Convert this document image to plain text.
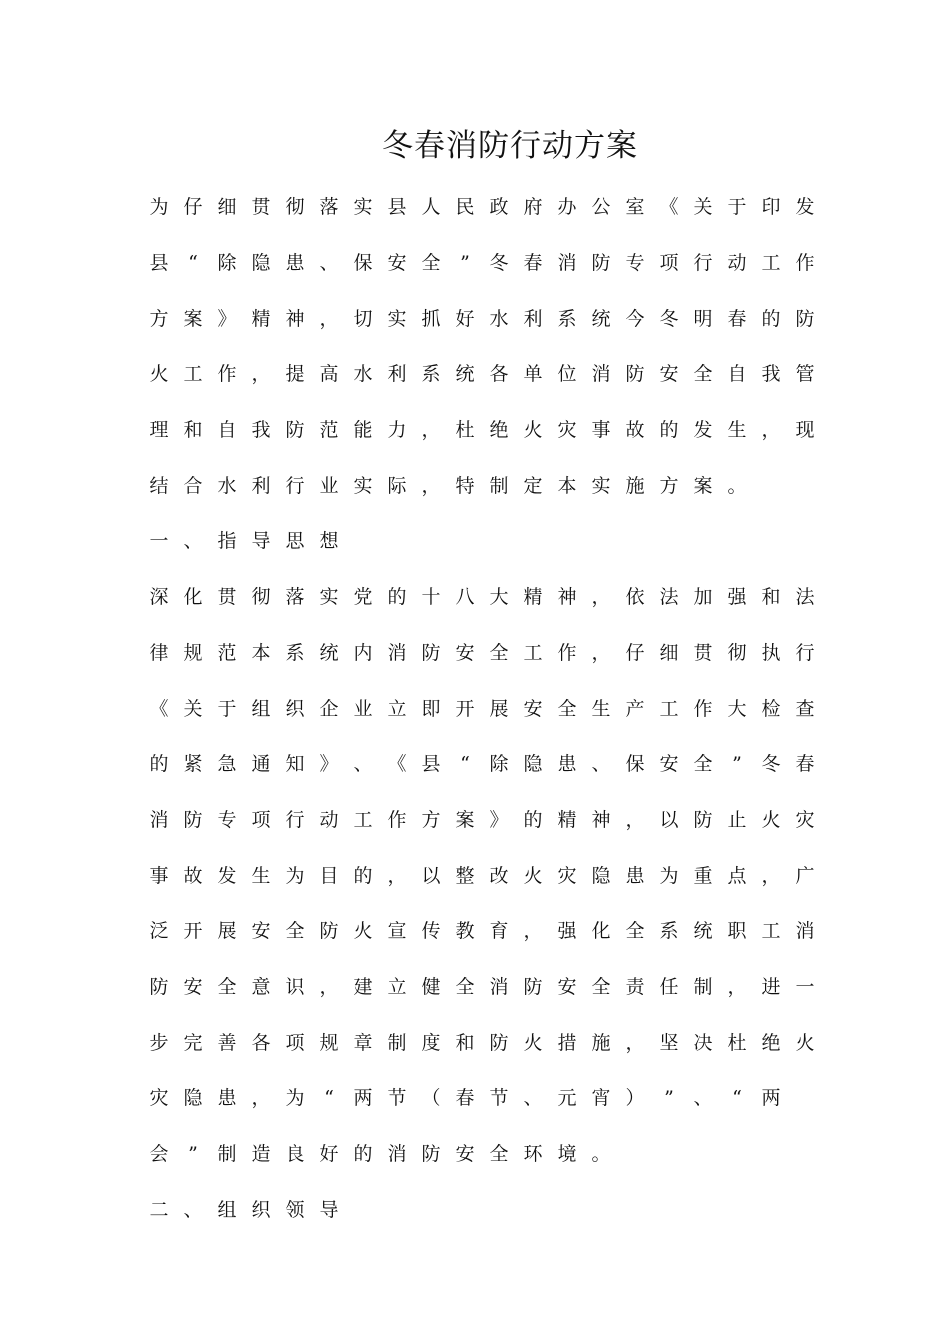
冬春消防行动方案
为 仔 细 贯 彻 落 实 县 人 民 政 府 办 公 室 《 关 于 印 发
县	“	除 隐 患 、 保 安 全	”	冬 春 消 防 专 项 行 动 工 作
方 案 》 精 神 ， 切 实 抓 好 水 利 系 统 今 冬 明 春 的 防
火 工 作 ， 提 高 水 利 系 统 各 单 位 消 防 安 全 自 我 管
理 和 自 我 防 范 能 力 ， 杜 绝 火 灾 事 故 的 发 生 ， 现
结 合 水 利 行 业 实 际 ， 特 制 定 本 实 施 方 案 。
一 、 指 导 思 想
深 化 贯 彻 落 实 党 的 十 八 大 精 神 ， 依 法 加 强 和 法
律 规 范 本 系 统 内 消 防 安 全 工 作 ， 仔 细 贯 彻 执 行
《 关 于 组 织 企 业 立 即 开 展 安 全 生 产 工 作 大 检 查
的 紧 急 通 知 》 、 《 县	“	除 隐 患 、 保 安 全	”	冬 春
消 防 专 项 行 动 工 作 方 案 》 的 精 神 ， 以 防 止 火 灾
事 故 发 生 为 目 的 ， 以 整 改 火 灾 隐 患 为 重 点 ， 广
泛 开 展 安 全 防 火 宣 传 教 育 ， 强 化 全 系 统 职 工 消
防 安 全 意 识 ， 建 立 健 全 消 防 安 全 责 任 制 ， 进 一
步 完 善 各 项 规 章 制 度 和 防 火 措 施 ， 坚 决 杜 绝 火
灾 隐 患 ， 为	“	两 节 （ 春 节 、 元 宵 ）	”	、	“	两
会	”	制 造 良 好 的 消 防 安 全 环 境 。
二 、 组 织 领 导
